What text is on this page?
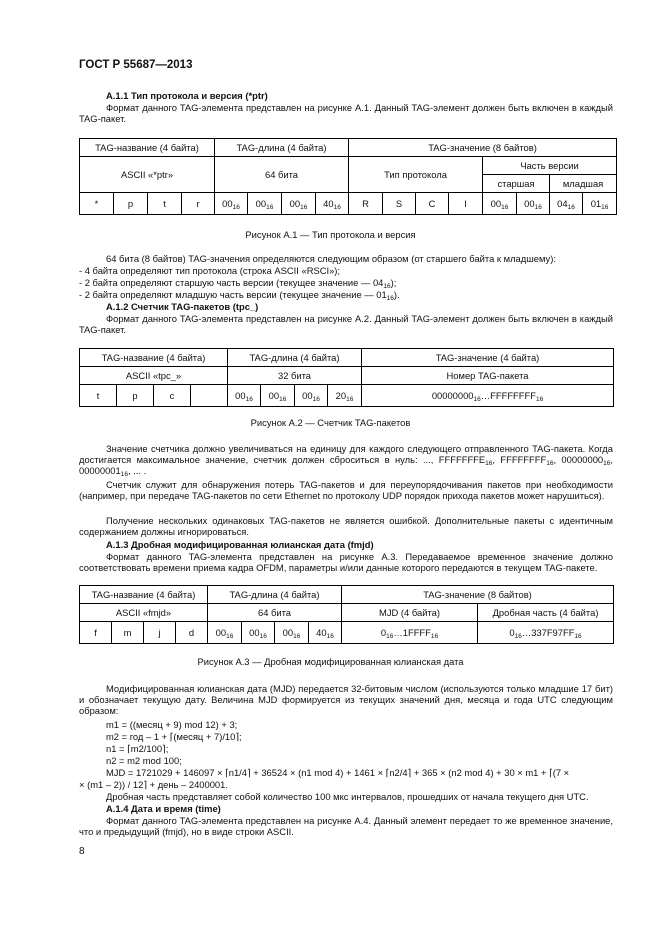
ГОСТ Р 55687—2013
А.1.1 Тип протокола и версия (*ptr)
Формат данного TAG-элемента представлен на рисунке А.1. Данный TAG-элемент должен быть включен в каждый TAG-пакет.
TAG-название (4 байта)				TAG-длина (4 байта)				TAG-значение (8 байтов)							
ASCII «*ptr»				64 бита				Тип протокола				Часть версии			
												старшая		младшая	
*	p	t	r	$00_{16}$	$00_{16}$	$00_{16}$	$40_{16}$	R	S	C	I	$00_{16}$	$00_{16}$	$04_{16}$	$01_{16}$
Рисунок А.1 — Тип протокола и версия
64 бита (8 байтов) TAG-значения определяются следующим образом (от старшего байта к младшему):
- 4 байта определяют тип протокола (строка ASCII «RSCI»);
- 2 байта определяют старшую часть версии (текущее значение — $04_{16}$);
- 2 байта определяют младшую часть версии (текущее значение — $01_{16}$).
А.1.2 Счетчик TAG-пакетов (tpc_)
Формат данного TAG-элемента представлен на рисунке А.2. Данный TAG-элемент должен быть включен в каждый TAG-пакет.
TAG-название (4 байта)				TAG-длина (4 байта)				TAG-значение (4 байта)
ASCII «tpc_»				32 бита				Номер TAG-пакета
t	p	c		$00_{16}$	$00_{16}$	$00_{16}$	$20_{16}$	$00000000_{16}\dots FFFFFFFF_{16}$
Рисунок А.2 — Счетчик TAG-пакетов
Значение счетчика должно увеличиваться на единицу для каждого следующего отправленного TAG-пакета. Когда достигается максимальное значение, счетчик должен сброситься в нуль: ..., $FFFFFFFE_{16}$, $FFFFFFFF_{16}$, $00000000_{16}$, $00000001_{16}$, ... .
Счетчик служит для обнаружения потерь TAG-пакетов и для переупорядочивания пакетов при необходимости (например, при передаче TAG-пакетов по сети Ethernet по протоколу UDP порядок прихода пакетов может нарушиться).
Получение нескольких одинаковых TAG-пакетов не является ошибкой. Дополнительные пакеты с идентичным содержанием должны игнорироваться.
А.1.3 Дробная модифицированная юлианская дата (fmjd)
Формат данного TAG-элемента представлен на рисунке А.3. Передаваемое временное значение должно соответствовать времени приема кадра OFDM, параметры и/или данные которого передаются в текущем TAG-пакете.
TAG-название (4 байта)				TAG-длина (4 байта)				TAG-значение (8 байтов)	
ASCII «fmjd»				64 бита				MJD (4 байта)	Дробная часть (4 байта)
f	m	j	d	$00_{16}$	$00_{16}$	$00_{16}$	$40_{16}$	$0_{16}\dots 1FFFF_{16}$	$0_{16}\dots 337F97FF_{16}$
Рисунок А.3 — Дробная модифицированная юлианская дата
Модифицированная юлианская дата (MJD) передается 32-битовым числом (используются только младшие 17 бит) и обозначает текущую дату. Величина MJD формируется из текущих значений дня, месяца и года UTC следующим образом:
m1 = ((месяц + 9) mod 12) + 3;
m2 = год – 1 + ⌈(месяц + 7)/10⌉;
n1 = ⌈m2/100⌉;
n2 = m2 mod 100;
MJD = 1721029 + 146097 × ⌈n1/4⌉ + 36524 × (n1 mod 4) + 1461 × ⌈n2/4⌉ + 365 × (n2 mod 4) + 30 × m1 + ⌈(7 ×
× (m1 – 2)) / 12⌉ + день – 2400001.
Дробная часть представляет собой количество 100 мкс интервалов, прошедших от начала текущего дня UTC.
А.1.4 Дата и время (time)
Формат данного TAG-элемента представлен на рисунке А.4. Данный элемент передает то же временное значение, что и предыдущий (fmjd), но в виде строки ASCII.
8
